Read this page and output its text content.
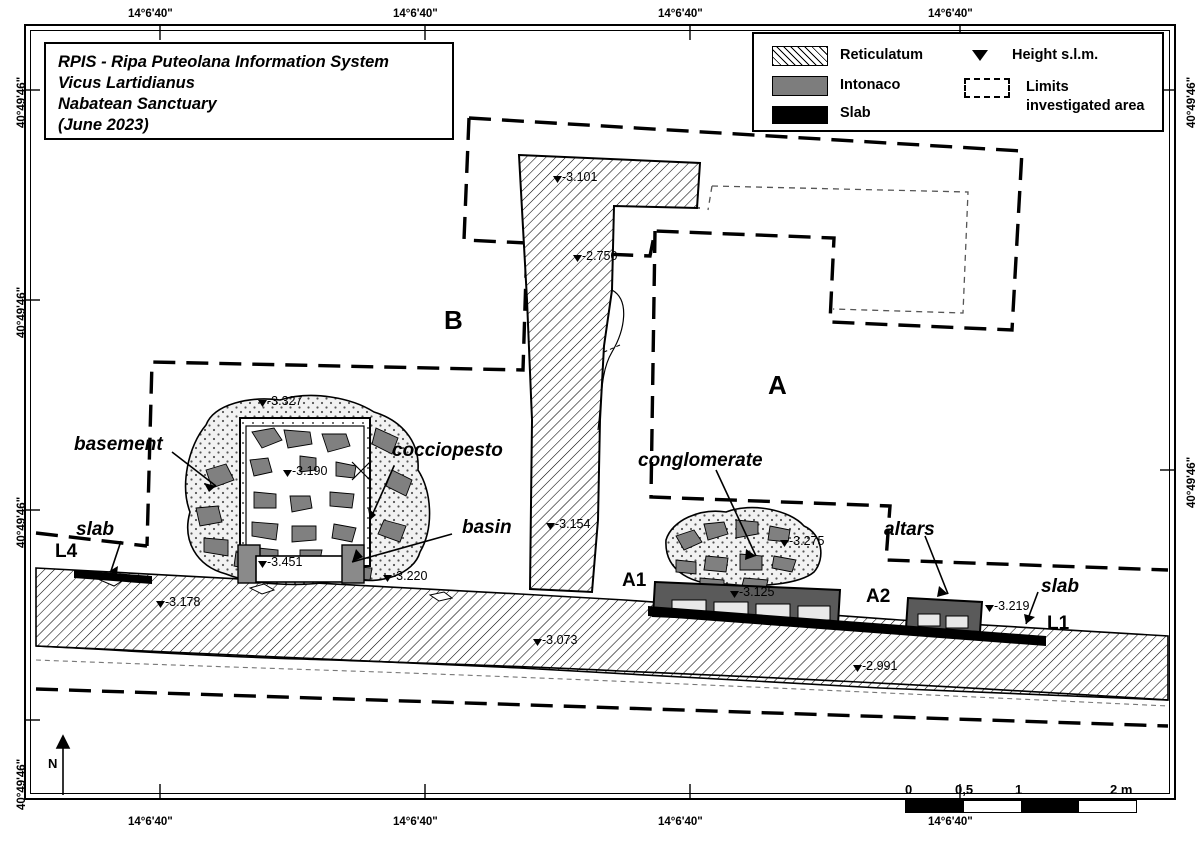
14°6'40"	14°6'40"	14°6'40"	14°6'40"
14°6'40"	14°6'40"	14°6'40"	14°6'40"
40°49'46"
40°49'46"
40°49'46"
40°49'46"
40°49'46"
40°49'46"
RPIS - Ripa Puteolana Information System
Vicus Lartidianus
Nabatean Sanctuary
(June 2023)
Reticulatum
Intonaco
Slab
Height s.l.m.
Limits investigated area
B
A
basement	cocciopesto
slab	basin
conglomerate
altars
slab
L4
L1
A1
A2
-3.101
-2.750
-3.327
-3.190
-3.451
-3.220
-3.154
-3.178
-3.073
-3.275
-3.125
-3.219
-2.991
0	0,5	1	2 m
N
